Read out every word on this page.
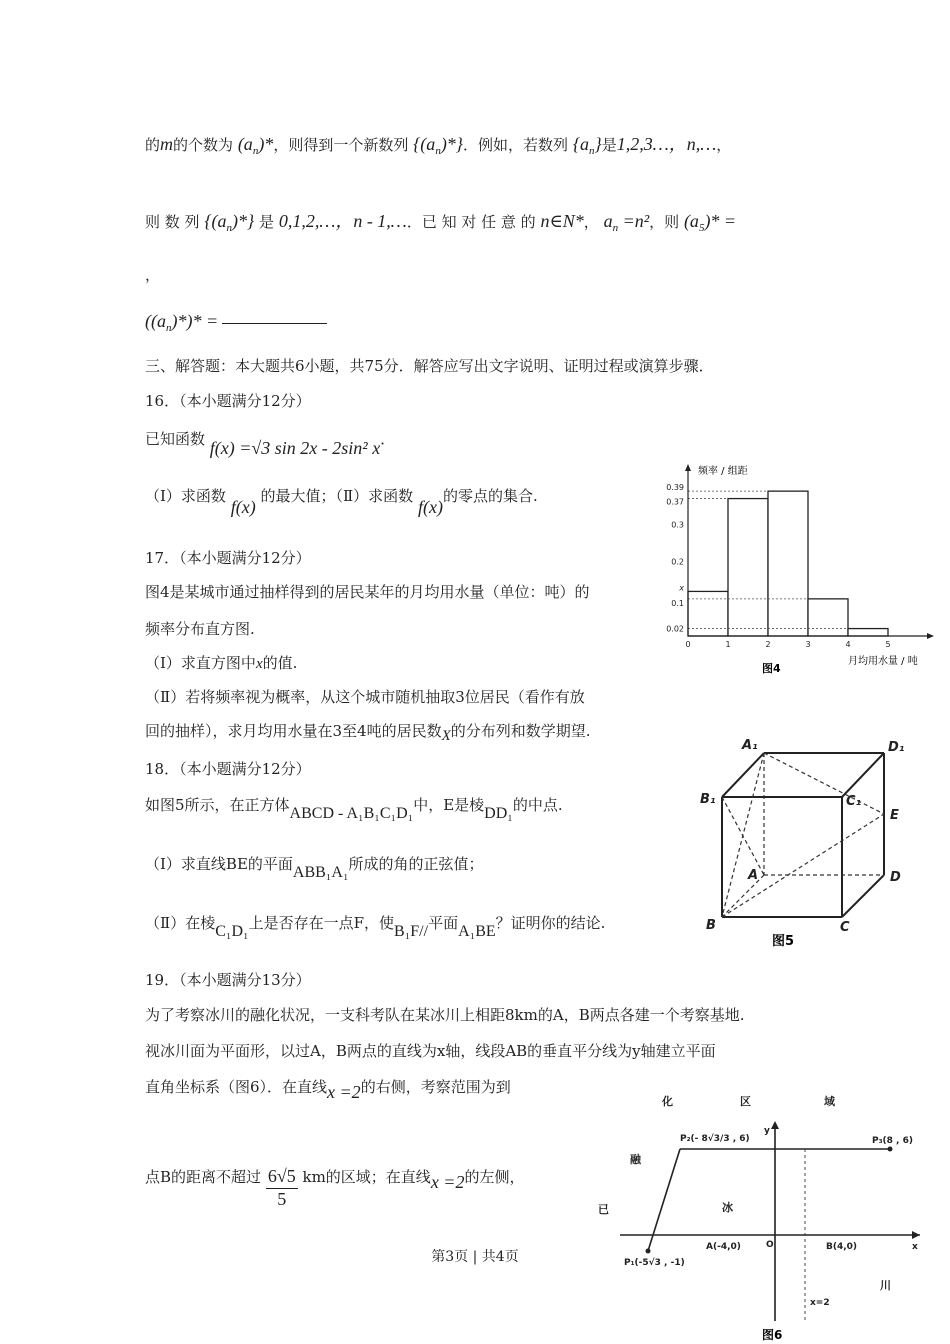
的m的个数为 $(a_n)*$，则得到一个新数列 $\{(a_n)*\}$．例如，若数列 $\{a_n\}$是1,2,3…，n,…，
则 数 列 $\{(a_n)*\}$ 是 0,1,2,…，n - 1,…．已 知 对 任 意 的 n∈N*， $a_n =n^2$，则 $(a_5)*$ =
，
$((a_n)*)*$ =
三、解答题：本大题共6小题，共75分．解答应写出文字说明、证明过程或演算步骤．
16．（本小题满分12分）
已知函数 f(x) =√3 sin 2x - 2sin² x．
（Ⅰ）求函数 f(x) 的最大值；（Ⅱ）求函数 f(x)的零点的集合.
17．（本小题满分12分）
图4是某城市通过抽样得到的居民某年的月均用水量（单位：吨）的
频率分布直方图.
（Ⅰ）求直方图中x的值.
（Ⅱ）若将频率视为概率，从这个城市随机抽取3位居民（看作有放
回的抽样），求月均用水量在3至4吨的居民数X的分布列和数学期望.
18．（本小题满分12分）
如图5所示，在正方体ABCD - A₁B₁C₁D₁中，E是棱DD₁的中点.
（Ⅰ）求直线BE的平面ABB₁A₁所成的角的正弦值；
（Ⅱ）在棱C₁D₁上是否存在一点F，使B₁F//平面A₁BE？证明你的结论.
19．（本小题满分13分）
为了考察冰川的融化状况，一支科考队在某冰川上相距8km的A，B两点各建一个考察基地.
视冰川面为平面形，以过A，B两点的直线为x轴，线段AB的垂直平分线为y轴建立平面
直角坐标系（图6）．在直线x =2的右侧，考察范围为到
点B的距离不超过 $\frac{6√5}{5}$ km的区域；在直线x =2的左侧，
第3页 | 共4页
0.39
0.37
0.3
0.2
x
0.1
0.02
0	1	2	3	4	5
频率 / 组距
月均用水量 / 吨
图4
A₁	D₁
B₁	C₁
E
A	D
B	C
图5
化	区	域
融
冰
已
川
P₂(- 8√3/3 , 6)	P₃(8 , 6)
P₁(-5√3 , -1)
A(-4,0)	O	B(4,0)	x
y
x=2
图6
